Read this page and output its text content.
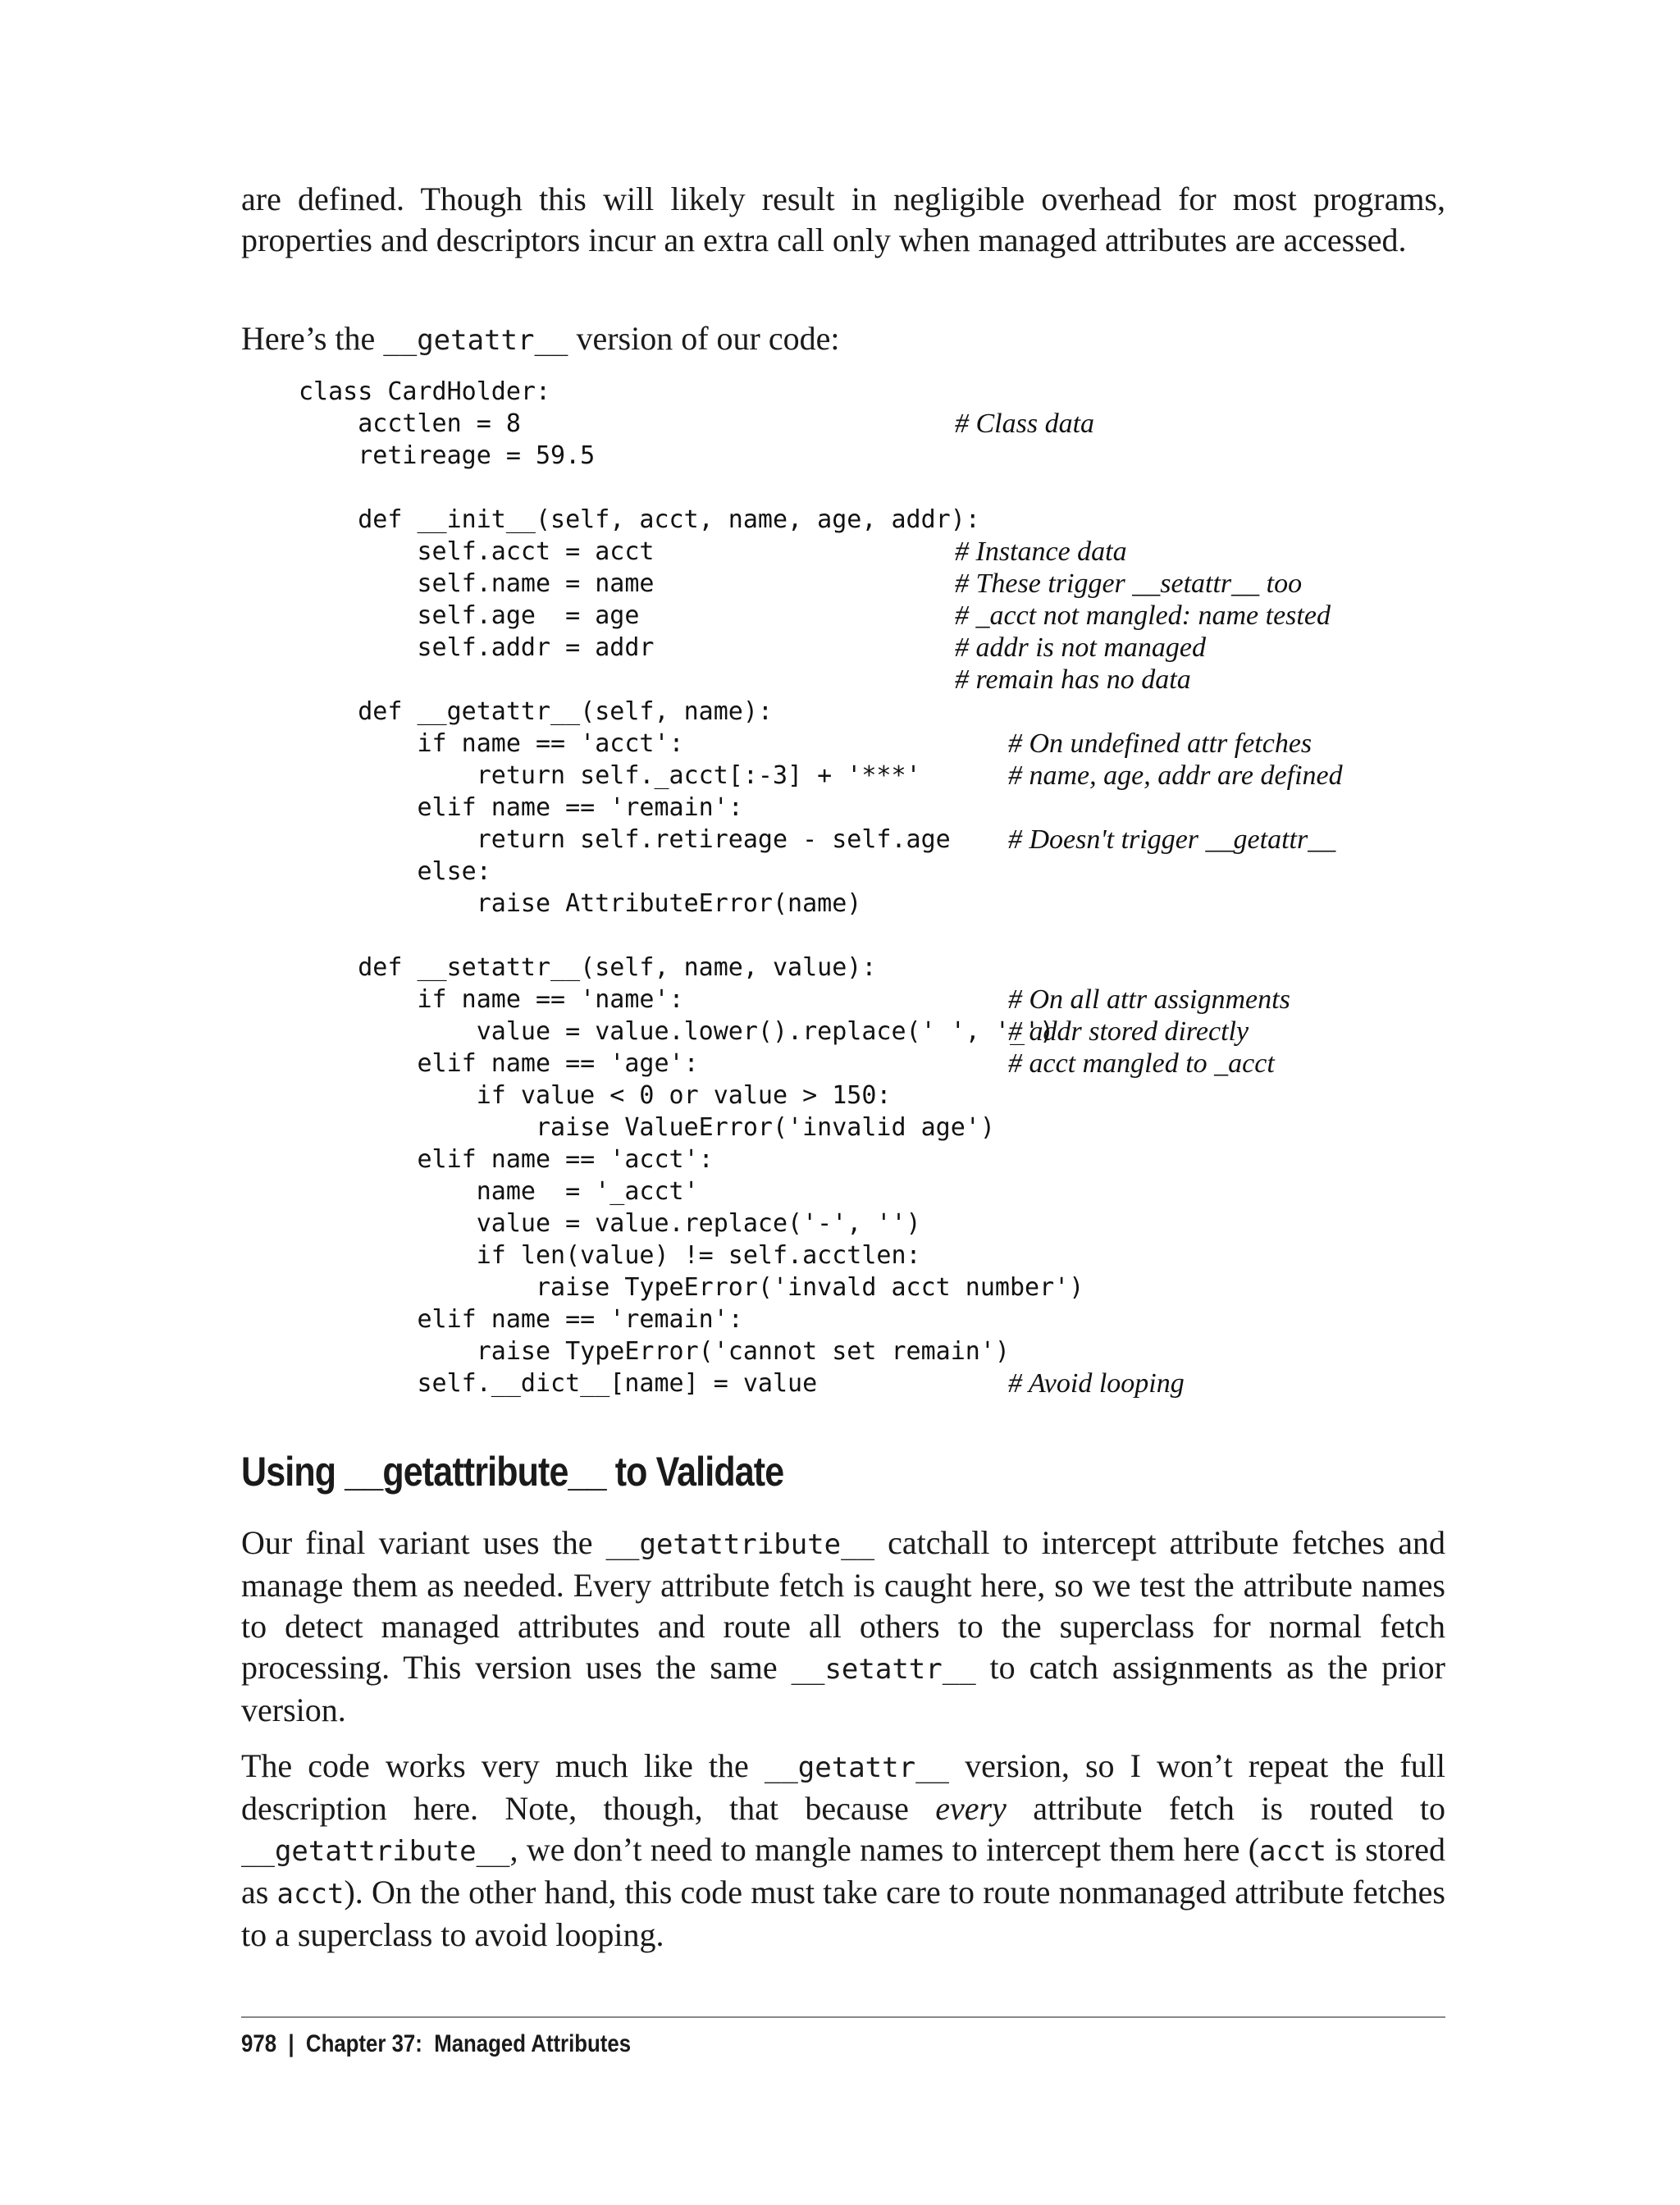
are defined. Though this will likely result in negligible overhead for most programs, properties and descriptors incur an extra call only when managed attributes are accessed.

Here’s the __getattr__ version of our code:

class CardHolder:
acctlen = 8
retireage = 59.5

def __init__(self, acct, name, age, addr):
self.acct = acct
self.name = name
self.age  = age
self.addr = addr

def __getattr__(self, name):
if name == 'acct':
return self._acct[:-3] + '***'
elif name == 'remain':
return self.retireage - self.age
else:
raise AttributeError(name)

def __setattr__(self, name, value):
if name == 'name':
value = value.lower().replace(' ', '_')
elif name == 'age':
if value < 0 or value > 150:
raise ValueError('invalid age')
elif name == 'acct':
name  = '_acct'
value = value.replace('-', '')
if len(value) != self.acctlen:
raise TypeError('invald acct number')
elif name == 'remain':
raise TypeError('cannot set remain')
self.__dict__[name] = value
# Class data

# Instance data
# These trigger __setattr__ too
# _acct not mangled: name tested
# addr is not managed
# remain has no data
# On undefined attr fetches
# name, age, addr are defined

# Doesn't trigger __getattr__
# On all attr assignments
# addr stored directly
# acct mangled to _acct
# Avoid looping
Using __getattribute__ to Validate

Our final variant uses the __getattribute__ catchall to intercept attribute fetches and manage them as needed. Every attribute fetch is caught here, so we test the attribute names to detect managed attributes and route all others to the superclass for normal fetch processing. This version uses the same __setattr__ to catch assignments as the prior version.

The code works very much like the __getattr__ version, so I won’t repeat the full description here. Note, though, that because every attribute fetch is routed to __getattribute__, we don’t need to mangle names to intercept them here (acct is stored as acct). On the other hand, this code must take care to route nonmanaged attribute fetches to a superclass to avoid looping.

978  |  Chapter 37:  Managed Attributes
